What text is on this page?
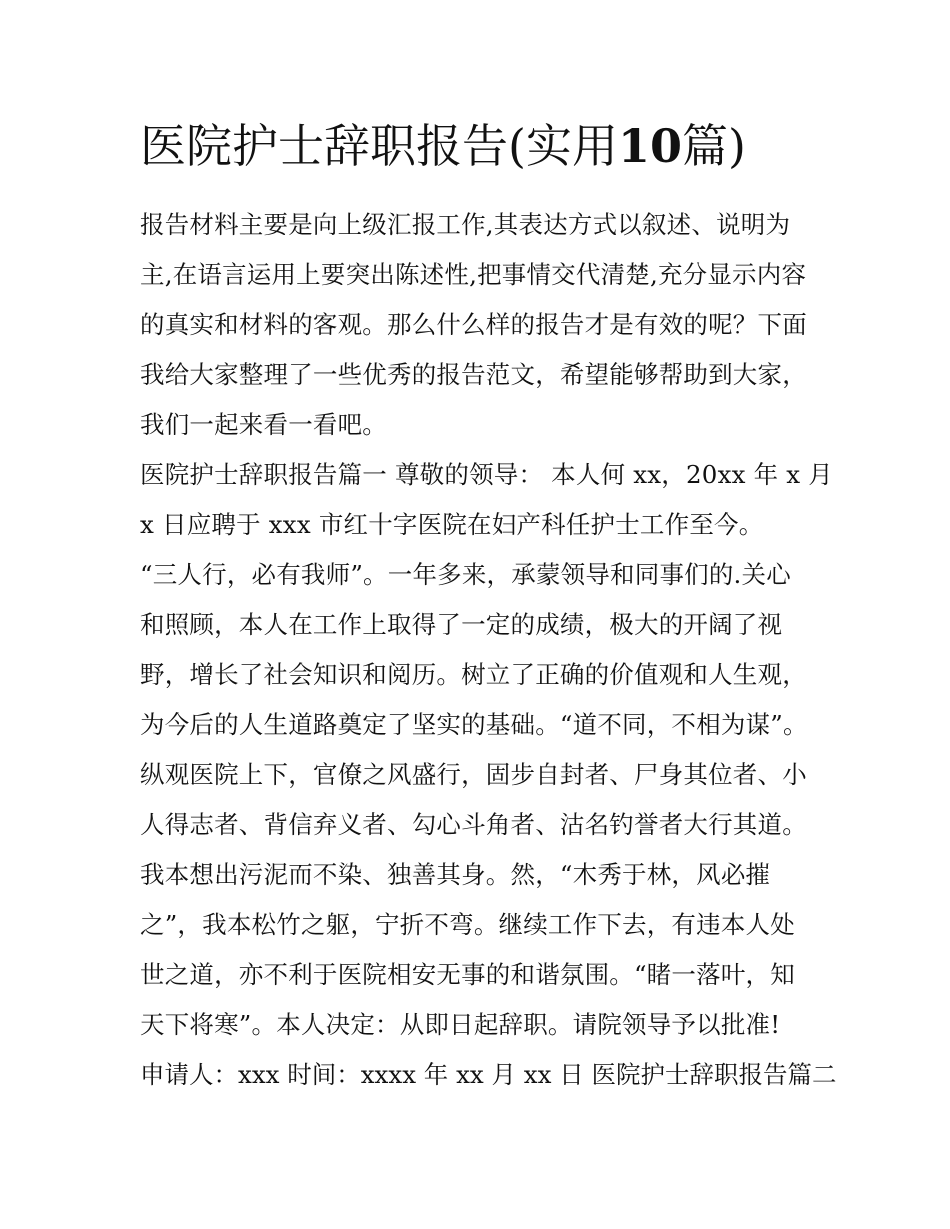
医院护士辞职报告(实用10篇)
报告材料主要是向上级汇报工作,其表达方式以叙述、说明为
主,在语言运用上要突出陈述性,把事情交代清楚,充分显示内容
的真实和材料的客观。那么什么样的报告才是有效的呢？下面
我给大家整理了一些优秀的报告范文，希望能够帮助到大家，
我们一起来看一看吧。
医院护士辞职报告篇一 尊敬的领导： 本人何 xx，20xx 年 x 月
x 日应聘于 xxx 市红十字医院在妇产科任护士工作至今。
“三人行，必有我师”。一年多来，承蒙领导和同事们的.关心
和照顾，本人在工作上取得了一定的成绩，极大的开阔了视
野，增长了社会知识和阅历。树立了正确的价值观和人生观，
为今后的人生道路奠定了坚实的基础。“道不同，不相为谋”。
纵观医院上下，官僚之风盛行，固步自封者、尸身其位者、小
人得志者、背信弃义者、勾心斗角者、沽名钓誉者大行其道。
我本想出污泥而不染、独善其身。然，“木秀于林，风必摧
之”，我本松竹之躯，宁折不弯。继续工作下去，有违本人处
世之道，亦不利于医院相安无事的和谐氛围。“睹一落叶，知
天下将寒”。本人决定：从即日起辞职。请院领导予以批准!
申请人：xxx 时间：xxxx 年 xx 月 xx 日 医院护士辞职报告篇二
